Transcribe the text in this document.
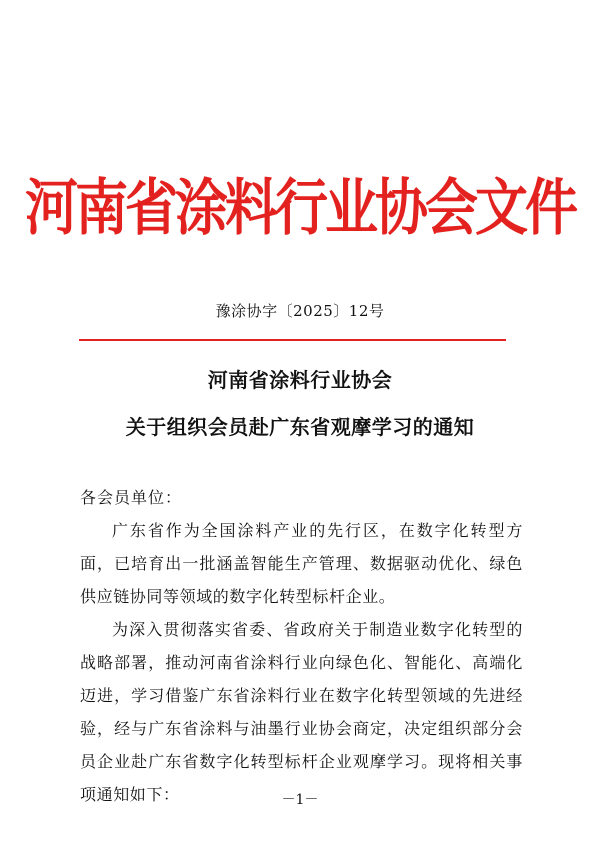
河南省涂料行业协会文件
豫涂协字〔2025〕12号
河南省涂料行业协会
关于组织会员赴广东省观摩学习的通知
各会员单位：

广东省作为全国涂料产业的先行区，在数字化转型方面，已培育出一批涵盖智能生产管理、数据驱动优化、绿色供应链协同等领域的数字化转型标杆企业。

为深入贯彻落实省委、省政府关于制造业数字化转型的战略部署，推动河南省涂料行业向绿色化、智能化、高端化迈进，学习借鉴广东省涂料行业在数字化转型领域的先进经验，经与广东省涂料与油墨行业协会商定，决定组织部分会员企业赴广东省数字化转型标杆企业观摩学习。现将相关事项通知如下：	－1－
